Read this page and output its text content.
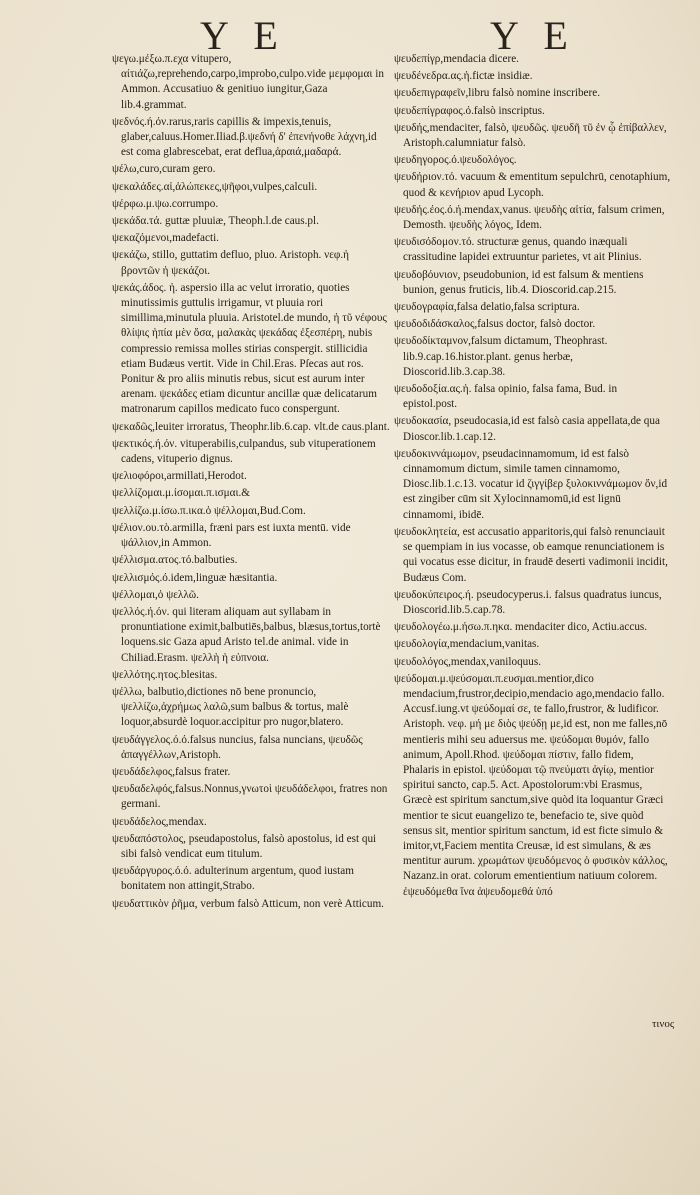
Υ Ε	Υ Ε

ψεγω.μέξω.π.εχα vitupero, αίτιάζω,reprehendo,carpo,improbo,culpo.vide μεμφομαι in Ammon. Accusatiuo & genitiuo iungitur,Gaza lib.4.grammat.

ψεδνός.ή.όν.rarus,raris capillis & impexis,tenuis, glaber,caluus.Homer.Iliad.β.ψεδνή δ' ἐπενήνοθε λάχνη,id est coma glabrescebat, erat defluа,ἀραιά,μαδαρά.

ψέλω,curo,curam gero.

ψεκαλάδες.αἱ,ἀλώπεκες,ψῆφοι,vulpes,calculi.

ψέρφω.μ.ψω.corrumpo.

ψεκάδα.τά. guttæ pluuiæ, Theoph.l.de caus.pl.

ψεκαζόμενοι,madefacti.

ψεκάζω, stillo, guttatim defluo, pluo. Aristoph. νεφ.ἡ βροντῶν ἡ ψεκάζοι.

ψεκάς.άδος. ἡ. aspersio illa ac velut irroratio, quoties minutissimis guttulis irrigamur, vt pluuia rori simillima,minutula pluuia. Aristotel.de mundo, ἡ τῦ νέφους θλίψις ἡπία μὲν ὅσα, μαλακὰς ψεκάδας ἐξεσπέρη, nubis compressio remissa molles stirias conspergit. stillicidia etiam Budæus vertit. Vide in Chil.Eras. Pſecas aut ros. Ponitur & pro aliis minutis rebus, sicut est aurum inter arenam. ψεκάδες etiam dicuntur ancillæ quæ delicatarum matronarum capillos medicato fuco conspergunt.

ψεκαδῶς,leuiter irroratus, Theophr.lib.6.cap. vlt.de caus.plant.

ψεκτικός.ή.όν. vituperabilis,culpandus, sub vituperationem cadens, vituperio dignus.

ψελιοφόροι,armillati,Herodot.

ψελλίζομαι.μ.ίσομαι.π.ισμαι.&

ψελλίζω.μ.ίσω.π.ικα.ὁ ψέλλομαι,Bud.Com.

ψέλιον.ου.τὸ.armilla, fræni pars est iuxta mentū. vide ψάλλιον,in Ammon.

ψέλλισμα.ατος.τό.balbuties.

ψελλισμός.ό.idem,linguæ hæsitantia.

ψέλλομαι,ὁ ψελλῶ.

ψελλός.ή.όν. qui literam aliquam aut syllabam in pronuntiatione eximit,balbutiēs,balbus, blæsus,tortus,tortè loquens.sic Gaza apud Aristo tel.de animal. vide in Chiliad.Erasm. ψελλὴ ἡ εὐπνοια.

ψελλότης.ητος.blesitas.

ψέλλω, balbutio,dictiones nō bene pronuncio, ψελλίζω,ἀχρήμως λαλῶ,sum balbus & tortus, malè loquor,absurdè loquor.accipitur pro nugor,blatero.

ψευδάγγελος.ό.ό.falsus nuncius, falsa nuncians, ψευδῶς ἀπαγγέλλων,Aristoph.

ψευδάδελφος,falsus frater.

ψευδαδελφός,falsus.Nonnus,γνωτοὶ ψευδάδελφοι, fratres non germani.

ψευδάδελος,mendax.

ψευδαπόστολος, pseudapostolus, falsò apostolus, id est qui sibi falsò vendicat eum titulum.

ψευδάργυρος.ό.ό. adulterinum argentum, quod iustam bonitatem non attingit,Strabo.

ψευδαττικὸν ῥῆμα, verbum falsò Atticum, non verè Atticum.

ψευδεπίγρ,mendacia dicere.

ψευδένεδρα.ας.ἡ.fictæ insidiæ.

ψευδεπιγραφεῖν,libru falsò nomine inscribere.

ψευδεπίγραφος.ό.falsò inscriptus.

ψευδής,mendaciter, falsò, ψευδῶς. ψευδῆ τῦ ἐν ᾧ ἐπίβαλλεν, Aristoph.calumniatur falsò.

ψευδηγορος.ό.ψευδολόγος.

ψευδήριον.τό. vacuum & ementitum sepulchrū, cenotaphium, quod & κενήριον apud Lycoph.

ψευδής.έος.ό.ή.mendax,vanus. ψευδὴς αἰτία, falsum crimen, Demosth. ψευδὴς λόγος, Idem.

ψευδισόδομον.τό. structuræ genus, quando inæquali crassitudine lapidei extruuntur parietes, vt ait Plinius.

ψευδοβόυνιον, pseudobunion, id est falsum & mentiens bunion, genus fruticis, lib.4. Dioscorid.cap.215.

ψευδογραφία,falsa delatio,falsa scriptura.

ψευδοδιδάσκαλος,falsus doctor, falsò doctor.

ψευδοδίκταμνον,falsum dictamum, Theophrast. lib.9.cap.16.histor.plant. genus herbæ, Dioscorid.lib.3.cap.38.

ψευδοδοξία.ας.ἡ. falsa opinio, falsa fama, Bud. in epistol.post.

ψευδοκασία, pseudocasia,id est falsò casia appellata,de qua Dioscor.lib.1.cap.12.

ψευδοκιννάμωμον, pseudacinnamomum, id est falsò cinnamomum dictum, simile tamen cinnamomo, Diosc.lib.1.c.13. vocatur id ζιγγίβερ ξυλοκιννάμωμον ὄν,id est zingiber cūm sit Xylocinnamomū,id est lignū cinnamomi, ibidē.

ψευδοκλητεία, est accusatio apparitoris,qui falsò renunciauit se quempiam in ius vocasse, ob eamque renunciationem is qui vocatus esse dicitur, in fraudē deserti vadimonii incidit, Budæus Com.

ψευδοκύπειρος.ή. pseudocyperus.i. falsus quadratus iuncus, Dioscorid.lib.5.cap.78.

ψευδολογέω.μ.ήσω.π.ηκα. mendaciter dico, Actiu.accus.

ψευδολογία,mendacium,vanitas.

ψευδολόγος,mendax,vaniloquus.

ψεύδομαι.μ.ψεύσομαι.π.ευσμαι.mentior,dico mendacium,frustror,decipio,mendacio ago,mendacio fallo. Accusf.iung.vt ψεύδομαί σε, te fallo,frustror, & ludificor. Aristoph. νεφ. μή με διὸς ψεύδῃ με,id est, non me falles,nō mentieris mihi seu aduersus me. ψεύδομαι θυμόν, fallo animum, Apoll.Rhod. ψεύδομαι πίστιν, fallo fidem, Phalaris in epistol. ψεύδομαι τῷ πνεύματι ἁγίῳ, mentior spiritui sancto, cap.5. Act. Apostolorum:vbi Erasmus, Græcè est spiritum sanctum,sive quòd ita loquantur Græci mentior te sicut euangelizo te, benefacio te, sive quòd sensus sit, mentior spiritum sanctum, id est ficte simulo & imitor,vt,Faciem mentita Creusæ, id est simulans, & æs mentitur aurum. χρωμάτων ψευδόμενος ὁ φυσικὸν κάλλος, Nazanz.in orat. colorum ementientium natiuum colorem. ἐψευδόμεθα ἵνα ἁψευδομεθά ὑπό

τινος
